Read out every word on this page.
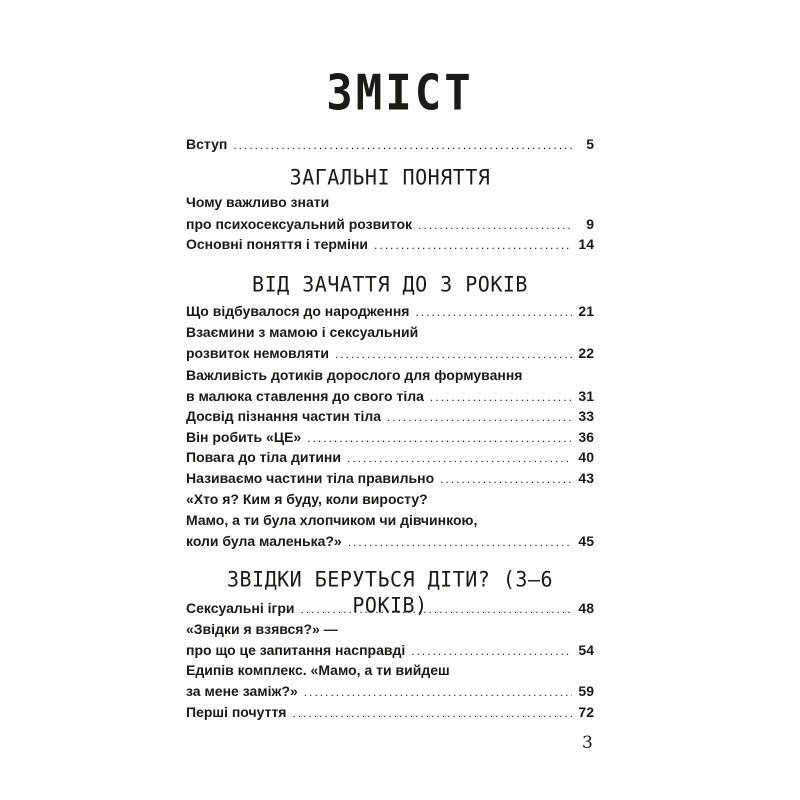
ЗМІСТ
Вступ .....	5
ЗАГАЛЬНІ ПОНЯТТЯ
Чому важливо знати
про психосексуальний розвиток .....	9
Основні поняття і терміни .....	14
ВІД ЗАЧАТТЯ ДО 3 РОКІВ
Що відбувалося до народження .....	21
Взаємини з мамою і сексуальний
розвиток немовляти .....	22
Важливість дотиків дорослого для формування
в малюка ставлення до свого тіла .....	31
Досвід пізнання частин тіла .....	33
Він робить «ЦЕ» .....	36
Повага до тіла дитини .....	40
Називаємо частини тіла правильно .....	43
«Хто я? Ким я буду, коли виросту?
Мамо, а ти була хлопчиком чи дівчинкою,
коли була маленька?» .....	45
ЗВІДКИ БЕРУТЬСЯ ДІТИ? (3–6 РОКІВ)
Сексуальні ігри .....	48
«Звідки я взявся?» —
про що це запитання насправді .....	54
Едипів комплекс. «Мамо, а ти вийдеш
за мене заміж?» .....	59
Перші почуття .....	72
3
